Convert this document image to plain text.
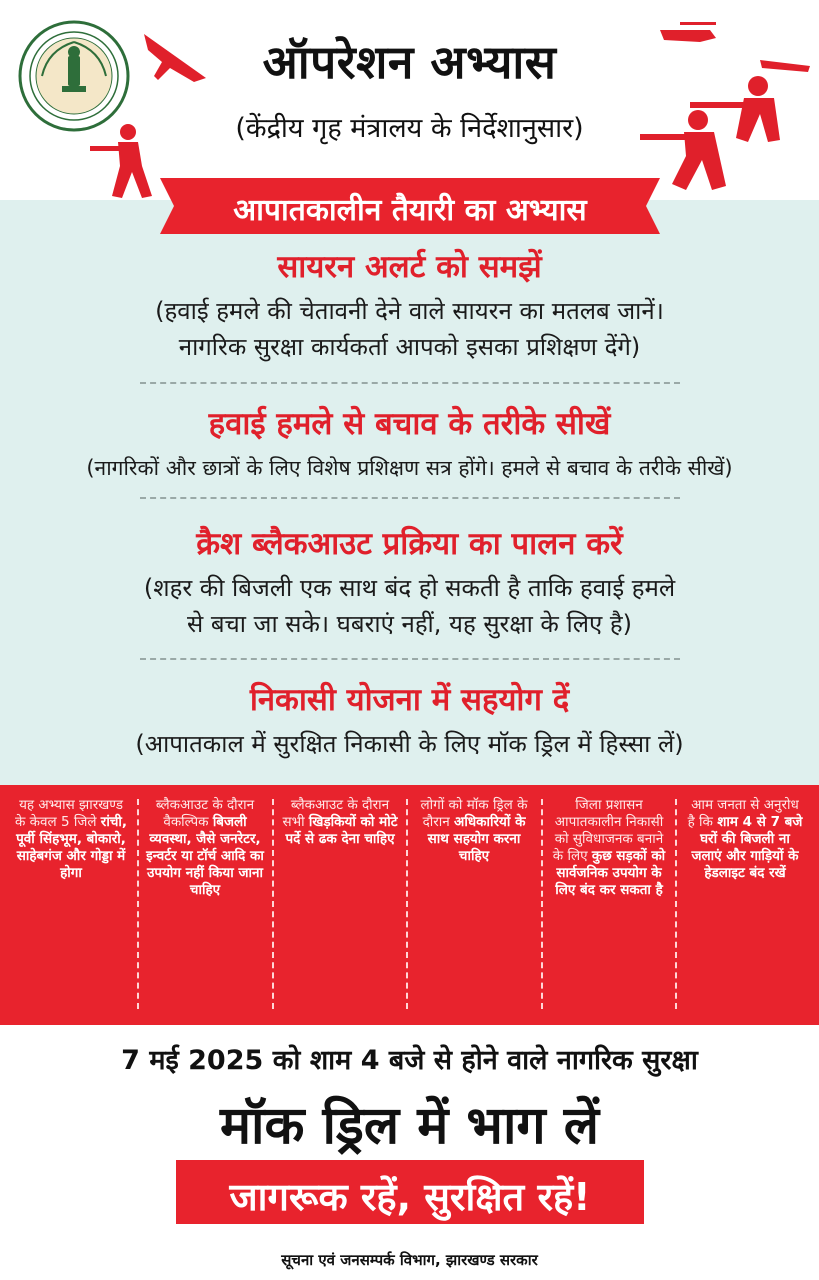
ऑपरेशन अभ्यास
(केंद्रीय गृह मंत्रालय के निर्देशानुसार)
आपातकालीन तैयारी का अभ्यास
सायरन अलर्ट को समझें
(हवाई हमले की चेतावनी देने वाले सायरन का मतलब जानें।
नागरिक सुरक्षा कार्यकर्ता आपको इसका प्रशिक्षण देंगे)
हवाई हमले से बचाव के तरीके सीखें
(नागरिकों और छात्रों के लिए विशेष प्रशिक्षण सत्र होंगे। हमले से बचाव के तरीके सीखें)
क्रैश ब्लैकआउट प्रक्रिया का पालन करें
(शहर की बिजली एक साथ बंद हो सकती है ताकि हवाई हमले
से बचा जा सके। घबराएं नहीं, यह सुरक्षा के लिए है)
निकासी योजना में सहयोग दें
(आपातकाल में सुरक्षित निकासी के लिए मॉक ड्रिल में हिस्सा लें)
यह अभ्यास झारखण्ड के केवल 5 जिले रांची, पूर्वी सिंहभूम, बोकारो, साहेबगंज और गोड्डा में होगा
ब्लैकआउट के दौरान वैकल्पिक बिजली व्यवस्था, जैसे जनरेटर, इन्वर्टर या टॉर्च आदि का उपयोग नहीं किया जाना चाहिए
ब्लैकआउट के दौरान सभी खिड़कियों को मोटे पर्दे से ढक देना चाहिए
लोगों को मॉक ड्रिल के दौरान अधिकारियों के साथ सहयोग करना चाहिए
जिला प्रशासन आपातकालीन निकासी को सुविधाजनक बनाने के लिए कुछ सड़कों को सार्वजनिक उपयोग के लिए बंद कर सकता है
आम जनता से अनुरोध है कि शाम 4 से 7 बजे घरों की बिजली ना जलाएं और गाड़ियों के हेडलाइट बंद रखें
7 मई 2025 को शाम 4 बजे से होने वाले नागरिक सुरक्षा
मॉक ड्रिल में भाग लें
जागरूक रहें, सुरक्षित रहें!
सूचना एवं जनसम्पर्क विभाग, झारखण्ड सरकार
